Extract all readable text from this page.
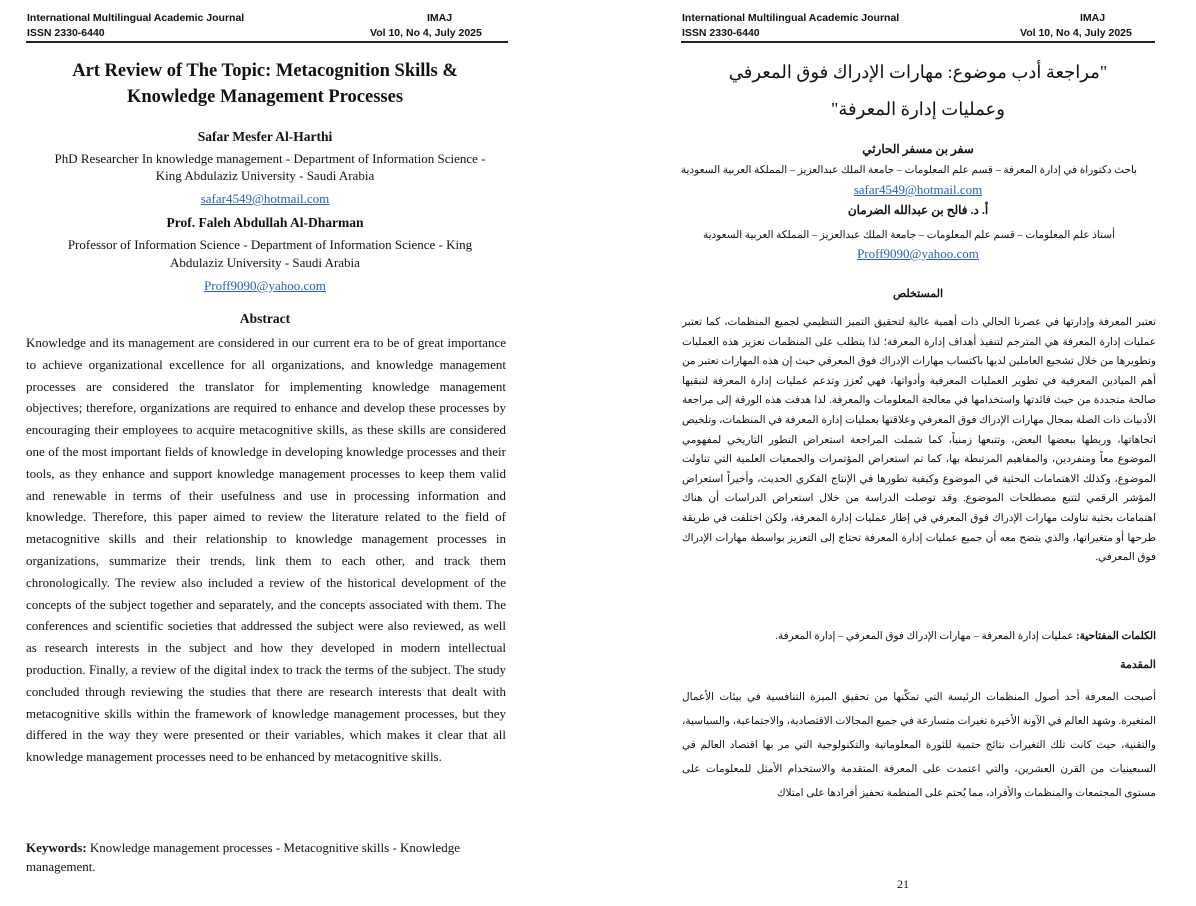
International Multilingual Academic Journal	IMAJ
ISSN 2330-6440	Vol 10, No 4, July 2025
Art Review of The Topic: Metacognition Skills &
Knowledge Management Processes
Safar Mesfer Al-Harthi
PhD Researcher In knowledge management - Department of Information Science -
King Abdulaziz University - Saudi Arabia
safar4549@hotmail.com
Prof. Faleh Abdullah Al-Dharman
Professor of Information Science - Department of Information Science - King
Abdulaziz University - Saudi Arabia
Proff9090@yahoo.com
Abstract
Knowledge and its management are considered in our current era to be of great importance to achieve organizational excellence for all organizations, and knowledge management processes are considered the translator for implementing knowledge management objectives; therefore, organizations are required to enhance and develop these processes by encouraging their employees to acquire metacognitive skills, as these skills are considered one of the most important fields of knowledge in developing knowledge processes and their tools, as they enhance and support knowledge management processes to keep them valid and renewable in terms of their usefulness and use in processing information and knowledge. Therefore, this paper aimed to review the literature related to the field of metacognitive skills and their relationship to knowledge management processes in organizations, summarize their trends, link them to each other, and track them chronologically. The review also included a review of the historical development of the concepts of the subject together and separately, and the concepts associated with them. The conferences and scientific societies that addressed the subject were also reviewed, as well as research interests in the subject and how they developed in modern intellectual production. Finally, a review of the digital index to track the terms of the subject. The study concluded through reviewing the studies that there are research interests that dealt with metacognitive skills within the framework of knowledge management processes, but they differed in the way they were presented or their variables, which makes it clear that all knowledge management processes need to be enhanced by metacognitive skills.
Keywords: Knowledge management processes - Metacognitive skills - Knowledge management.
International Multilingual Academic Journal	IMAJ
ISSN 2330-6440	Vol 10, No 4, July 2025
"مراجعة أدب موضوع: مهارات الإدراك فوق المعرفي
وعمليات إدارة المعرفة"
سفر بن مسفر الحارثي
باحث دكتوراة في إدارة المعرفة – قسم علم المعلومات – جامعة الملك عبدالعزيز – المملكة العربية السعودية
safar4549@hotmail.com
أ. د. فالح بن عبدالله الضرمان
أستاذ علم المعلومات – قسم علم المعلومات – جامعة الملك عبدالعزيز – المملكة العربية السعودية
Proff9090@yahoo.com
المستخلص
تعتبر المعرفة وإدارتها في عصرنا الحالي ذات أهمية عالية لتحقيق التميز التنظيمي لجميع المنظمات، كما تعتبر عمليات إدارة المعرفة هي المترجم لتنفيذ أهداف إدارة المعرفة؛ لذا يتطلب على المنظمات تعزيز هذه العمليات وتطويرها من خلال تشجيع العاملين لديها باكتساب مهارات الإدراك فوق المعرفي حيث إن هذه المهارات تعتبر من أهم الميادين المعرفية في تطوير العمليات المعرفية وأدواتها، فهي تُعزز وتدعم عمليات إدارة المعرفة لتبقيها صالحة متجددة من حيث فائدتها واستخدامها في معالجة المعلومات والمعرفة. لذا هدفت هذه الورقة إلى مراجعة الأدبيات ذات الصلة بمجال مهارات الإدراك فوق المعرفي وعلاقتها بعمليات إدارة المعرفة في المنظمات، وتلخيص اتجاهاتها، وربطها ببعضها البعض، وتتبعها زمنياً، كما شملت المراجعة استعراض التطور التاريخي لمفهومي الموضوع معاً ومنفردين، والمفاهيم المرتبطة بها، كما تم استعراض المؤتمرات والجمعيات العلمية التي تناولت الموضوع، وكذلك الاهتمامات البحثية في الموضوع وكيفية تطورها في الإنتاج الفكري الحديث، وأخيراً استعراض المؤشر الرقمي لتتبع مصطلحات الموضوع. وقد توصلت الدراسة من خلال استعراض الدراسات أن هناك اهتمامات بحثية تناولت مهارات الإدراك فوق المعرفي في إطار عمليات إدارة المعرفة، ولكن اختلفت في طريقة طرحها أو متغيراتها، والذي يتضح معه أن جميع عمليات إدارة المعرفة تحتاج إلى التعزيز بواسطة مهارات الإدراك فوق المعرفي.
الكلمات المفتاحية: عمليات إدارة المعرفة – مهارات الإدراك فوق المعرفي – إدارة المعرفة.
المقدمة
أصبحت المعرفة أحد أصول المنظمات الرئيسة التي تمكّنها من تحقيق الميزة التنافسية في بيئات الأعمال المتغيرة. وشهد العالم في الآونة الأخيرة تغيرات متسارعة في جميع المجالات الاقتصادية، والاجتماعية، والسياسية، والتقنية، حيث كانت تلك التغيرات نتائج حتمية للثورة المعلوماتية والتكنولوجية التي مر بها اقتصاد العالم في السبعينيات من القرن العشرين، والتي اعتمدت على المعرفة المتقدمة والاستخدام الأمثل للمعلومات على مستوى المجتمعات والمنظمات والأفراد، مما يُحتم على المنظمة تحفيز أفرادها على امتلاك
21
